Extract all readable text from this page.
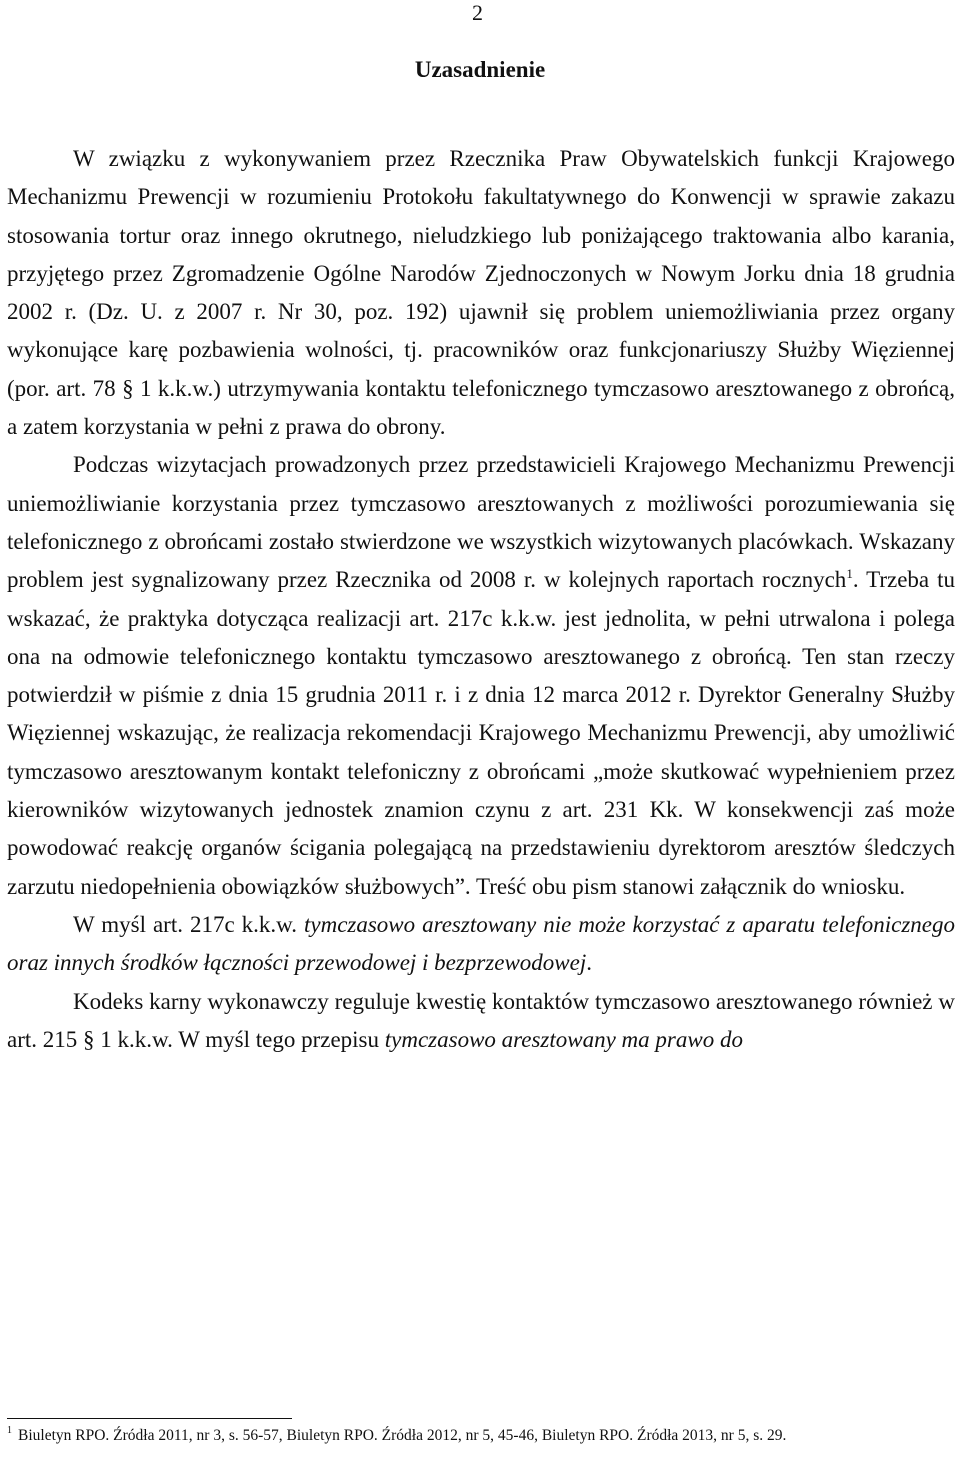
2
Uzasadnienie

W związku z wykonywaniem przez Rzecznika Praw Obywatelskich funkcji Krajowego Mechanizmu Prewencji w rozumieniu Protokołu fakultatywnego do Konwencji w sprawie zakazu stosowania tortur oraz innego okrutnego, nieludzkiego lub poniżającego traktowania albo karania, przyjętego przez Zgromadzenie Ogólne Narodów Zjednoczonych w Nowym Jorku dnia 18 grudnia 2002 r. (Dz. U. z 2007 r. Nr 30, poz. 192) ujawnił się problem uniemożliwiania przez organy wykonujące karę pozbawienia wolności, tj. pracowników oraz funkcjonariuszy Służby Więziennej (por. art. 78 § 1 k.k.w.) utrzymywania kontaktu telefonicznego tymczasowo aresztowanego z obrońcą, a zatem korzystania w pełni z prawa do obrony.

Podczas wizytacjach prowadzonych przez przedstawicieli Krajowego Mechanizmu Prewencji uniemożliwianie korzystania przez tymczasowo aresztowanych z możliwości porozumiewania się telefonicznego z obrońcami zostało stwierdzone we wszystkich wizytowanych placówkach. Wskazany problem jest sygnalizowany przez Rzecznika od 2008 r. w kolejnych raportach rocznych$^1$. Trzeba tu wskazać, że praktyka dotycząca realizacji art. 217c k.k.w. jest jednolita, w pełni utrwalona i polega ona na odmowie telefonicznego kontaktu tymczasowo aresztowanego z obrońcą. Ten stan rzeczy potwierdził w piśmie z dnia 15 grudnia 2011 r. i z dnia 12 marca 2012 r. Dyrektor Generalny Służby Więziennej wskazując, że realizacja rekomendacji Krajowego Mechanizmu Prewencji, aby umożliwić tymczasowo aresztowanym kontakt telefoniczny z obrońcami „może skutkować wypełnieniem przez kierowników wizytowanych jednostek znamion czynu z art. 231 Kk. W konsekwencji zaś może powodować reakcję organów ścigania polegającą na przedstawieniu dyrektorom aresztów śledczych zarzutu niedopełnienia obowiązków służbowych”. Treść obu pism stanowi załącznik do wniosku.

W myśl art. 217c k.k.w. tymczasowo aresztowany nie może korzystać z aparatu telefonicznego oraz innych środków łączności przewodowej i bezprzewodowej.

Kodeks karny wykonawczy reguluje kwestię kontaktów tymczasowo aresztowanego również w art. 215 § 1 k.k.w. W myśl tego przepisu tymczasowo aresztowany ma prawo do

$^1$ Biuletyn RPO. Źródła 2011, nr 3, s. 56-57, Biuletyn RPO. Źródła 2012, nr 5, 45-46, Biuletyn RPO. Źródła 2013, nr 5, s. 29.
